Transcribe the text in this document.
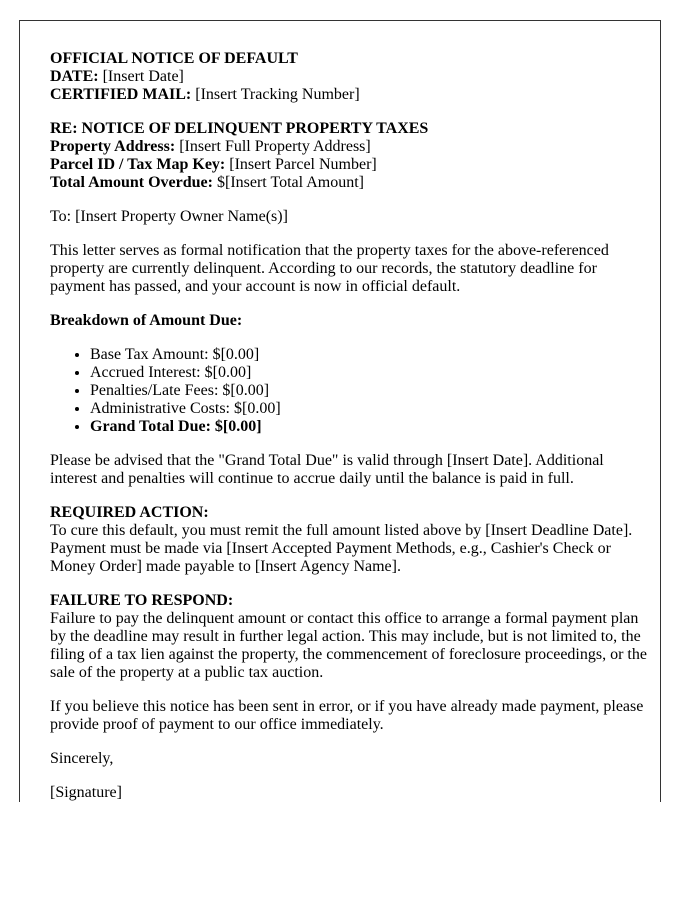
OFFICIAL NOTICE OF DEFAULT
DATE: [Insert Date]
CERTIFIED MAIL: [Insert Tracking Number]

RE: NOTICE OF DELINQUENT PROPERTY TAXES
Property Address: [Insert Full Property Address]
Parcel ID / Tax Map Key: [Insert Parcel Number]
Total Amount Overdue: $[Insert Total Amount]

To: [Insert Property Owner Name(s)]

This letter serves as formal notification that the property taxes for the above-referenced property are currently delinquent. According to our records, the statutory deadline for payment has passed, and your account is now in official default.

Breakdown of Amount Due:

• Base Tax Amount: $[0.00]
• Accrued Interest: $[0.00]
• Penalties/Late Fees: $[0.00]
• Administrative Costs: $[0.00]
• Grand Total Due: $[0.00]

Please be advised that the "Grand Total Due" is valid through [Insert Date]. Additional interest and penalties will continue to accrue daily until the balance is paid in full.

REQUIRED ACTION:
To cure this default, you must remit the full amount listed above by [Insert Deadline Date]. Payment must be made via [Insert Accepted Payment Methods, e.g., Cashier's Check or Money Order] made payable to [Insert Agency Name].

FAILURE TO RESPOND:
Failure to pay the delinquent amount or contact this office to arrange a formal payment plan by the deadline may result in further legal action. This may include, but is not limited to, the filing of a tax lien against the property, the commencement of foreclosure proceedings, or the sale of the property at a public tax auction.

If you believe this notice has been sent in error, or if you have already made payment, please provide proof of payment to our office immediately.

Sincerely,

[Signature]
